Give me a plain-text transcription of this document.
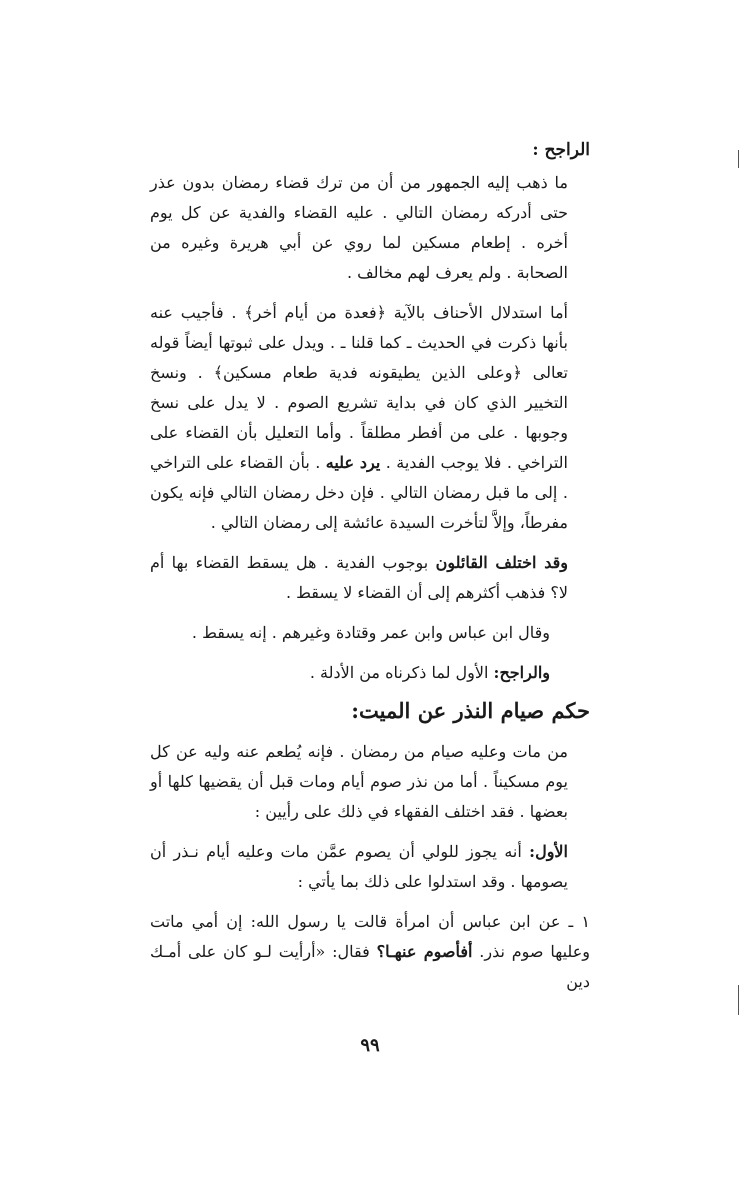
الراجح :

ما ذهب إليه الجمهور من أن من ترك قضاء رمضان بدون عذر حتى أدركه رمضان التالي . عليه القضاء والفدية عن كل يوم أخره . إطعام مسكين لما روي عن أبي هريرة وغيره من الصحابة . ولم يعرف لهم مخالف .

أما استدلال الأحناف بالآية ﴿فعدة من أيام أخر﴾ . فأجيب عنه بأنها ذكرت في الحديث ـ كما قلنا ـ . ويدل على ثبوتها أيضاً قوله تعالى ﴿وعلى الذين يطيقونه فدية طعام مسكين﴾ . ونسخ التخيير الذي كان في بداية تشريع الصوم . لا يدل على نسخ وجوبها . على من أفطر مطلقاً . وأما التعليل بأن القضاء على التراخي . فلا يوجب الفدية . يرد عليه . بأن القضاء على التراخي . إلى ما قبل رمضان التالي . فإن دخل رمضان التالي فإنه يكون مفرطاً، وإلاَّ لتأخرت السيدة عائشة إلى رمضان التالي .

وقد اختلف القائلون بوجوب الفدية . هل يسقط القضاء بها أم لا؟ فذهب أكثرهم إلى أن القضاء لا يسقط .

وقال ابن عباس وابن عمر وقتادة وغيرهم . إنه يسقط .

والراجح: الأول لما ذكرناه من الأدلة .

حكم صيام النذر عن الميت:

من مات وعليه صيام من رمضان . فإنه يُطعم عنه وليه عن كل يوم مسكيناً . أما من نذر صوم أيام ومات قبل أن يقضيها كلها أو بعضها . فقد اختلف الفقهاء في ذلك على رأيين :

الأول: أنه يجوز للولي أن يصوم عمَّن مات وعليه أيام نـذر أن يصومها . وقد استدلوا على ذلك بما يأتي :

١ ـ عن ابن عباس أن امرأة قالت يا رسول الله: إن أمي ماتت وعليها صوم نذر. أفأصوم عنهـا؟ فقال: «أرأيت لـو كان على أمـك دين

٩٩
